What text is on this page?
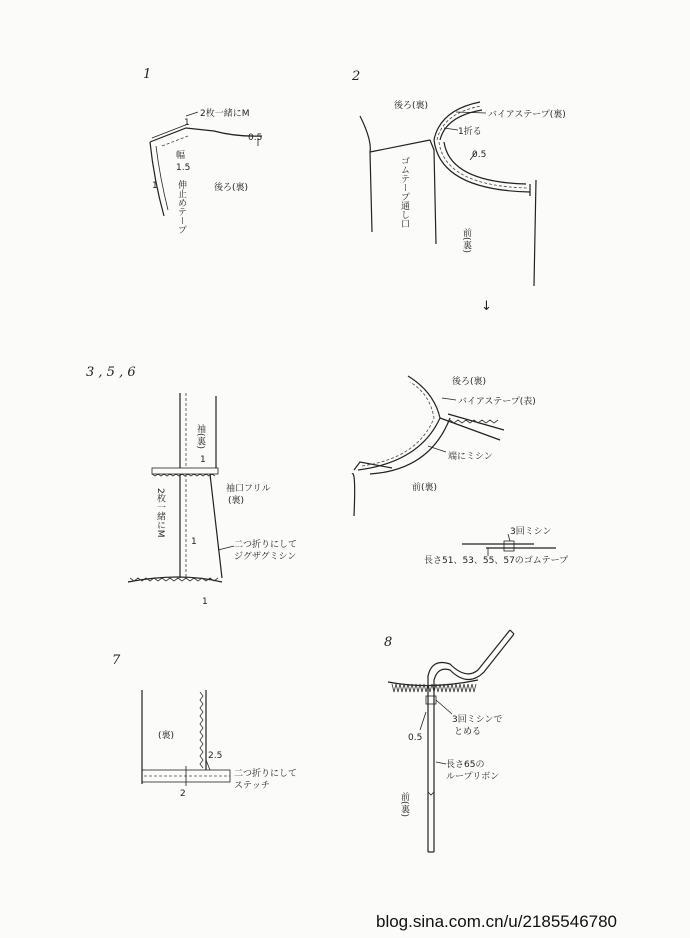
1
2枚一緒にM
1
0.5
幅
1.5
伸止めテープ
1	後ろ(裏)
2
後ろ(裏)
バイアステープ(裏)
1折る
0.5
ゴムテープ通し口
前(裏)
↓
後ろ(裏)
バイアステープ(表)
端にミシン
前(裏)
3回ミシン
長さ51、53、55、57のゴムテープ
3 , 5 , 6
袖(裏)
1
2枚一緒にM	袖口フリル
(裏)
1	二つ折りにして
ジグザグミシン
1
7
(裏)
2.5
二つ折りにして
ステッチ
2
8
3回ミシンで
とめる
0.5
長さ65の
ループリボン
前(裏)
blog.sina.com.cn/u/2185546780
